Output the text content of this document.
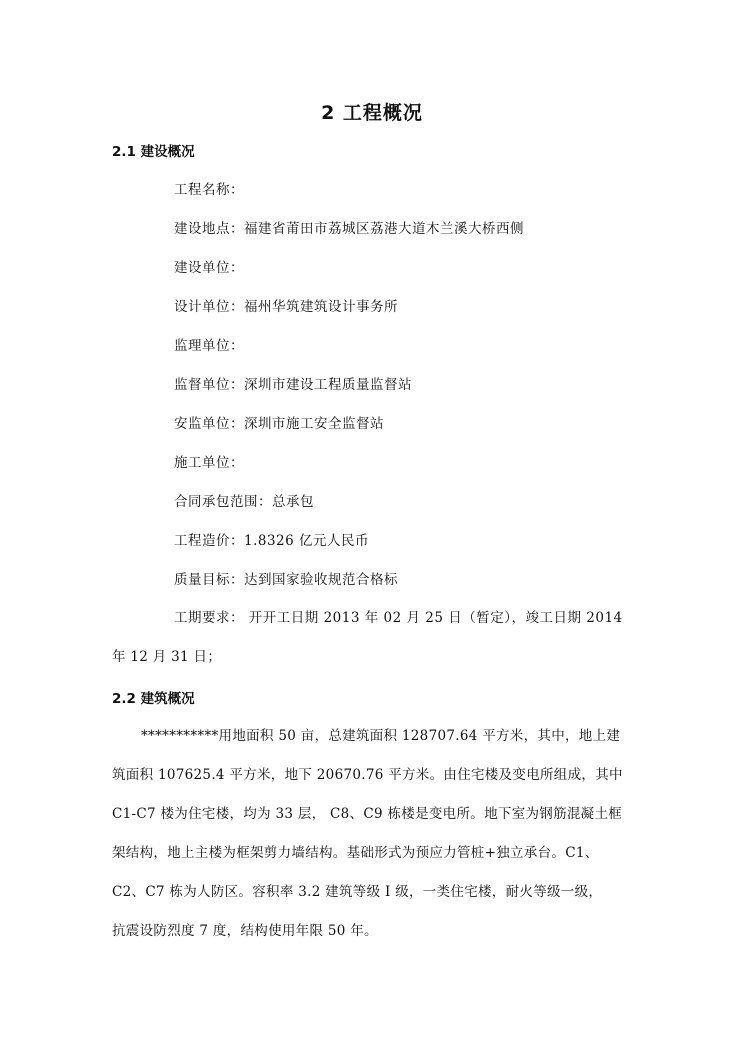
2 工程概况
2.1 建设概况
工程名称：
建设地点：福建省莆田市荔城区荔港大道木兰溪大桥西侧
建设单位：
设计单位：福州华筑建筑设计事务所
监理单位：
监督单位：深圳市建设工程质量监督站
安监单位：深圳市施工安全监督站
施工单位：
合同承包范围：总承包
工程造价：1.8326 亿元人民币
质量目标：达到国家验收规范合格标
工期要求： 开开工日期 2013 年 02 月 25 日（暂定），竣工日期 2014
年 12 月 31 日；
2.2 建筑概况
***********用地面积 50 亩，总建筑面积 128707.64 平方米，其中，地上建
筑面积 107625.4 平方米，地下 20670.76 平方米。由住宅楼及变电所组成，其中
C1-C7 楼为住宅楼，均为 33 层， C8、C9 栋楼是变电所。地下室为钢筋混凝土框
架结构，地上主楼为框架剪力墙结构。基础形式为预应力管桩+独立承台。C1、
C2、C7 栋为人防区。容积率 3.2 建筑等级 I 级，一类住宅楼，耐火等级一级，
抗震设防烈度 7 度，结构使用年限 50 年。
